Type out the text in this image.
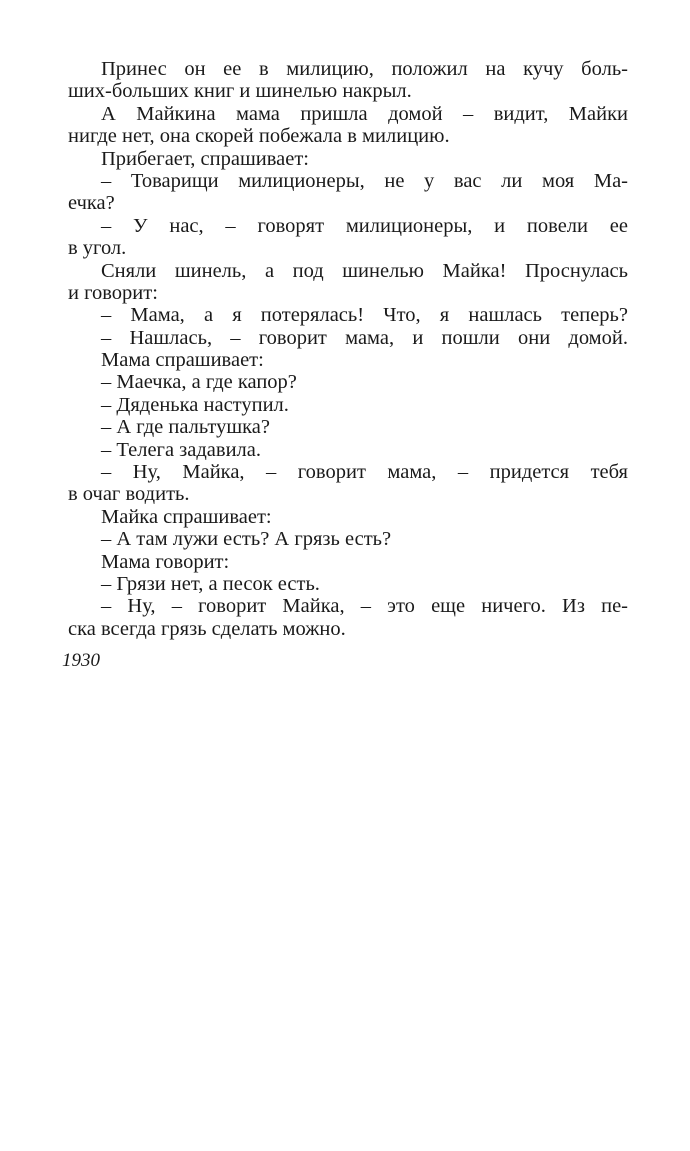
Принес он ее в милицию, положил на кучу боль-
ших-больших книг и шинелью накрыл.
А Майкина мама пришла домой – видит, Майки
нигде нет, она скорей побежала в милицию.
Прибегает, спрашивает:
– Товарищи милиционеры, не у вас ли моя Ма-
ечка?
– У нас, – говорят милиционеры, и повели ее
в угол.
Сняли шинель, а под шинелью Майка! Проснулась
и говорит:
– Мама, а я потерялась! Что, я нашлась теперь?
– Нашлась, – говорит мама, и пошли они домой.
Мама спрашивает:
– Маечка, а где капор?
– Дяденька наступил.
– А где пальтушка?
– Телега задавила.
– Ну, Майка, – говорит мама, – придется тебя
в очаг водить.
Майка спрашивает:
– А там лужи есть? А грязь есть?
Мама говорит:
– Грязи нет, а песок есть.
– Ну, – говорит Майка, – это еще ничего. Из пе-
ска всегда грязь сделать можно.
1930
